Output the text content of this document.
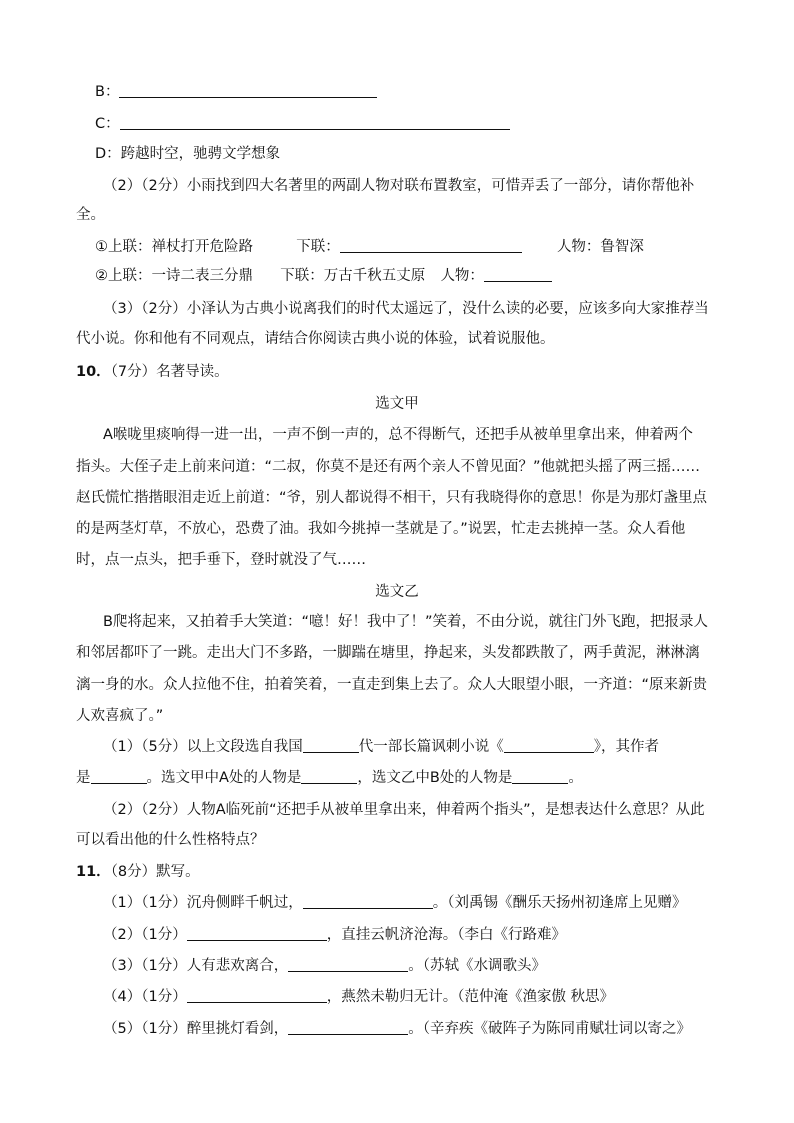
B：
C：
D：跨越时空，驰骋文学想象
（2）（2分）小雨找到四大名著里的两副人物对联布置教室，可惜弄丢了一部分，请你帮他补
全。
①上联：禅杖打开危险路	下联：	人物：鲁智深
②上联：一诗二表三分鼎 下联：万古千秋五丈原 人物：
（3）（2分）小泽认为古典小说离我们的时代太遥远了，没什么读的必要，应该多向大家推荐当
代小说。你和他有不同观点，请结合你阅读古典小说的体验，试着说服他。
10．（7分）名著导读。
选文甲
A喉咙里痰响得一进一出，一声不倒一声的，总不得断气，还把手从被单里拿出来，伸着两个
指头。大侄子走上前来问道：“二叔，你莫不是还有两个亲人不曾见面？”他就把头摇了两三摇……
赵氏慌忙揩揩眼泪走近上前道：“爷，别人都说得不相干，只有我晓得你的意思！你是为那灯盏里点
的是两茎灯草，不放心，恐费了油。我如今挑掉一茎就是了。”说罢，忙走去挑掉一茎。众人看他
时，点一点头，把手垂下，登时就没了气……
选文乙
B爬将起来，又拍着手大笑道：“噫！好！我中了！”笑着，不由分说，就往门外飞跑，把报录人
和邻居都吓了一跳。走出大门不多路，一脚踹在塘里，挣起来，头发都跌散了，两手黄泥，淋淋漓
漓一身的水。众人拉他不住，拍着笑着，一直走到集上去了。众人大眼望小眼，一齐道：“原来新贵
人欢喜疯了。”
（1）（5分）以上文段选自我国	代一部长篇讽刺小说《	》，其作者
是	。选文甲中A处的人物是	，选文乙中B处的人物是	。
（2）（2分）人物A临死前“还把手从被单里拿出来，伸着两个指头”，是想表达什么意思？从此
可以看出他的什么性格特点？
11．（8分）默写。
（1）（1分）沉舟侧畔千帆过，	。（刘禹锡《酬乐天扬州初逢席上见赠》
（2）（1分）	，直挂云帆济沧海。（李白《行路难》
（3）（1分）人有悲欢离合，	。（苏轼《水调歌头》
（4）（1分）	，燕然未勒归无计。（范仲淹《渔家傲 秋思》
（5）（1分）醉里挑灯看剑，	。（辛弃疾《破阵子为陈同甫赋壮词以寄之》
